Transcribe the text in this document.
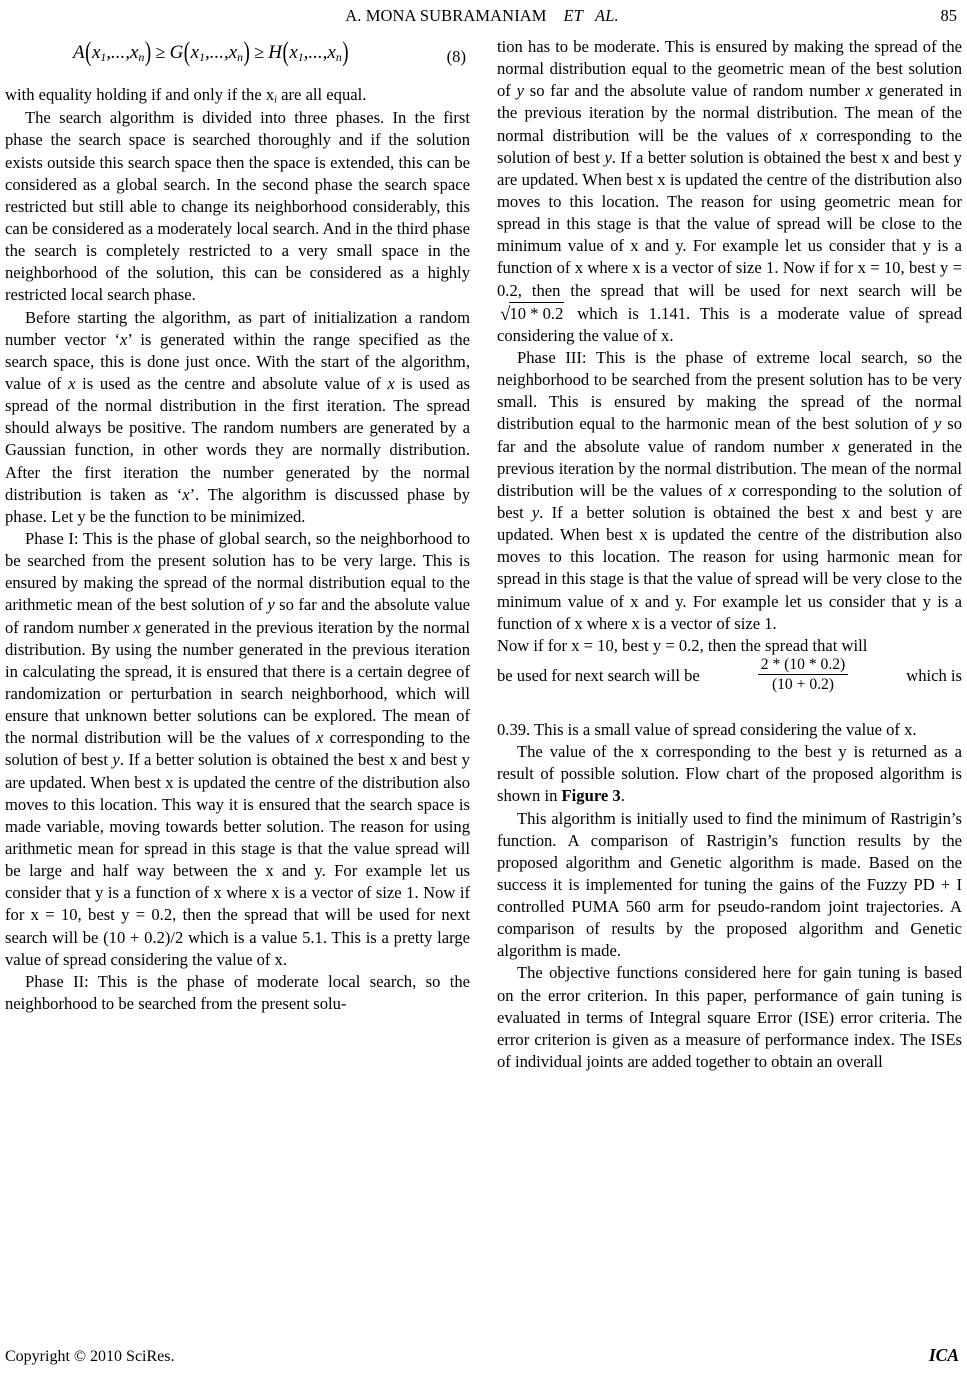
A. MONA SUBRAMANIAM
ET   AL.	85
$A(x_1,...,x_n) \ge G(x_1,...,x_n) \ge H(x_1,...,x_n)$	(8)

with equality holding if and only if the $x_i$ are all equal.

The search algorithm is divided into three phases. In the first phase the search space is searched thoroughly and if the solution exists outside this search space then the space is extended, this can be considered as a global search. In the second phase the search space restricted but still able to change its neighborhood considerably, this can be considered as a moderately local search. And in the third phase the search is completely restricted to a very small space in the neighborhood of the solution, this can be considered as a highly restricted local search phase.

Before starting the algorithm, as part of initialization a random number vector ‘x’ is generated within the range specified as the search space, this is done just once. With the start of the algorithm, value of x is used as the centre and absolute value of x is used as spread of the normal distribution in the first iteration. The spread should always be positive. The random numbers are generated by a Gaussian function, in other words they are normally distribution. After the first iteration the number generated by the normal distribution is taken as ‘x’. The algorithm is discussed phase by phase. Let y be the function to be minimized.

Phase I: This is the phase of global search, so the neighborhood to be searched from the present solution has to be very large. This is ensured by making the spread of the normal distribution equal to the arithmetic mean of the best solution of y so far and the absolute value of random number x generated in the previous iteration by the normal distribution. By using the number generated in the previous iteration in calculating the spread, it is ensured that there is a certain degree of randomization or perturbation in search neighborhood, which will ensure that unknown better solutions can be explored. The mean of the normal distribution will be the values of x corresponding to the solution of best y. If a better solution is obtained the best x and best y are updated. When best x is updated the centre of the distribution also moves to this location. This way it is ensured that the search space is made variable, moving towards better solution. The reason for using arithmetic mean for spread in this stage is that the value spread will be large and half way between the x and y. For example let us consider that y is a function of x where x is a vector of size 1. Now if for x = 10, best y = 0.2, then the spread that will be used for next search will be (10 + 0.2)/2 which is a value 5.1. This is a pretty large value of spread considering the value of x.

Phase II: This is the phase of moderate local search, so the neighborhood to be searched from the present solu-

tion has to be moderate. This is ensured by making the spread of the normal distribution equal to the geometric mean of the best solution of y so far and the absolute value of random number x generated in the previous iteration by the normal distribution. The mean of the normal distribution will be the values of x corresponding to the solution of best y. If a better solution is obtained the best x and best y are updated. When best x is updated the centre of the distribution also moves to this location. The reason for using geometric mean for spread in this stage is that the value of spread will be close to the minimum value of x and y. For example let us consider that y is a function of x where x is a vector of size 1. Now if for x = 10, best y = 0.2, then the spread that will be used for next search will be √10 * 0.2 which is 1.141. This is a moderate value of spread considering the value of x.

Phase III: This is the phase of extreme local search, so the neighborhood to be searched from the present solution has to be very small. This is ensured by making the spread of the normal distribution equal to the harmonic mean of the best solution of y so far and the absolute value of random number x generated in the previous iteration by the normal distribution. The mean of the normal distribution will be the values of x corresponding to the solution of best y. If a better solution is obtained the best x and best y are updated. When best x is updated the centre of the distribution also moves to this location. The reason for using harmonic mean for spread in this stage is that the value of spread will be very close to the minimum value of x and y. For example let us consider that y is a function of x where x is a vector of size 1.

Now if for x = 10, best y = 0.2, then the spread that will

be used for next search will be	$\frac{2 * (10 * 0.2)}{(10 + 0.2)}$	which is

0.39. This is a small value of spread considering the value of x.

The value of the x corresponding to the best y is returned as a result of possible solution. Flow chart of the proposed algorithm is shown in Figure 3.

This algorithm is initially used to find the minimum of Rastrigin’s function. A comparison of Rastrigin’s function results by the proposed algorithm and Genetic algorithm is made. Based on the success it is implemented for tuning the gains of the Fuzzy PD + I controlled PUMA 560 arm for pseudo-random joint trajectories. A comparison of results by the proposed algorithm and Genetic algorithm is made.

The objective functions considered here for gain tuning is based on the error criterion. In this paper, performance of gain tuning is evaluated in terms of Integral square Error (ISE) error criteria. The error criterion is given as a measure of performance index. The ISEs of individual joints are added together to obtain an overall

Copyright © 2010 SciRes.	ICA
